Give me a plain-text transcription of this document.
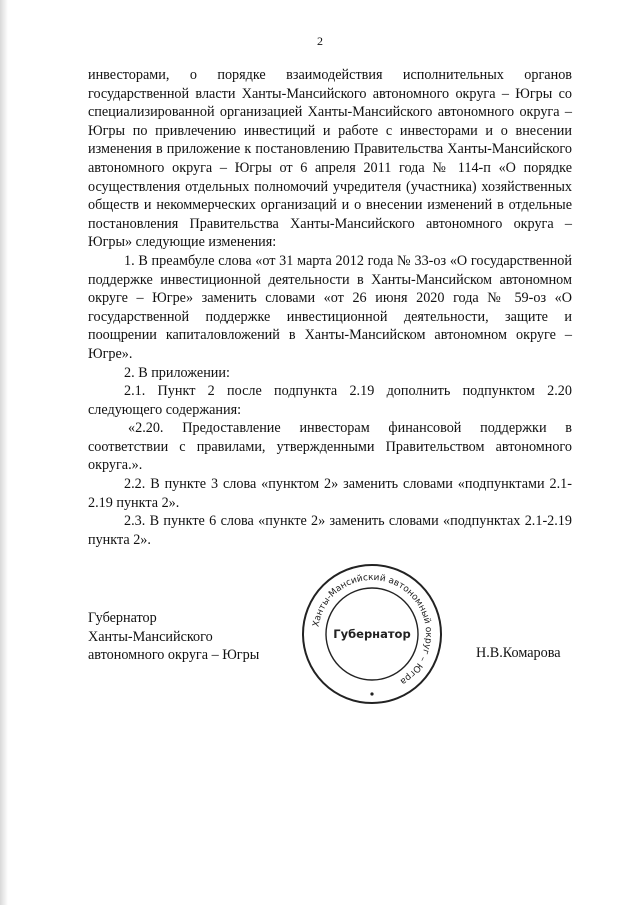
2

инвесторами, о порядке взаимодействия исполнительных органов государственной власти Ханты-Мансийского автономного округа – Югры со специализированной организацией Ханты-Мансийского автономного округа – Югры по привлечению инвестиций и работе с инвесторами и о внесении изменения в приложение к постановлению Правительства Ханты-Мансийского автономного округа – Югры от 6 апреля 2011 года № 114-п «О порядке осуществления отдельных полномочий учредителя (участника) хозяйственных обществ и некоммерческих организаций и о внесении изменений в отдельные постановления Правительства Ханты-Мансийского автономного округа – Югры» следующие изменения:

1. В преамбуле слова «от 31 марта 2012 года № 33-оз «О государственной поддержке инвестиционной деятельности в Ханты-Мансийском автономном округе – Югре» заменить словами «от 26 июня 2020 года № 59-оз «О государственной поддержке инвестиционной деятельности, защите и поощрении капиталовложений в Ханты-Мансийском автономном округе – Югре».

2. В приложении:

2.1. Пункт 2 после подпункта 2.19 дополнить подпунктом 2.20 следующего содержания:

«2.20. Предоставление инвесторам финансовой поддержки в соответствии с правилами, утвержденными Правительством автономного округа.».

2.2. В пункте 3 слова «пунктом 2» заменить словами «подпунктами 2.1-2.19 пункта 2».

2.3. В пункте 6 слова «пункте 2» заменить словами «подпунктах 2.1-2.19 пункта 2».

Губернатор
Ханты-Мансийского
автономного округа – Югры
Ханты-Мансийский автономный округ – Югра
Губернатор
Н.В.Комарова
